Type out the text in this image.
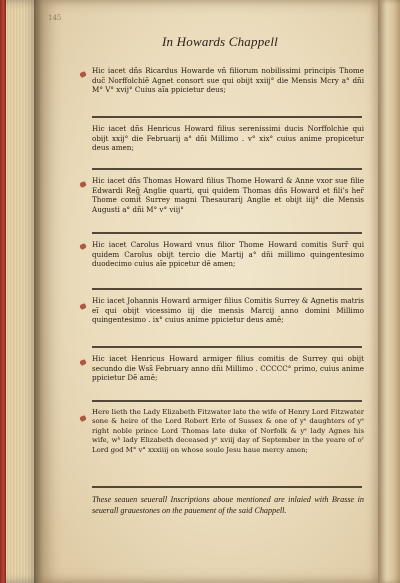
145
In Howards Chappell

Hic iacet dñs Ricardus Howarde vñ filiorum nobilissimi principis Thome duc̃ Norffolchiẽ Agnet consort sue qui obijt xxiij° die Mensis Mcry a° dñi M° V° xvij° Cuius aĩa ppicietur deus;

Hic iacet dñs Henricus Howard filius serenissimi ducis Norffolchie qui obijt xxij° die Februarij a° dñi Millimo . v° xix° cuius anime propicetur deus amen;

Hic iacet dñs Thomas Howard filius Thome Howard & Anne vxor sue filie Edwardi Reg̃ Anglie quarti, qui quidem Thomas dñs Howard et fili’s her̃ Thome comit̃ Surrey magni Thesaurarij Anglie et obijt iiij° die Mensis Augusti a° dñi M° v° viij°

Hic iacet Carolus Howard vnus filior Thome Howard comitis Surr̃ qui quidem Carolus obijt tercio die Martij a° dñi millimo quingentesimo duodecimo cuius aĩe ppicetur dẽ amen;

Hic iacet Johannis Howard armiger filius Comitis Surrey & Agnetis matris eĩ qui obijt vicessimo iij die mensis Marcij anno domini Millimo quingentesimo . ix° cuius anime ppicietur deus amē;

Hic iacet Henricus Howard armiger filius comitis de Surrey qui obijt secundo die Wss̃ February anno dñi Millimo . CCCCC° primo, cuius anime ppicietur Dẽ amē;

Here lieth the Lady Elizabeth Fitzwater late the wife of Henry Lord Fitzwater sone & heire of the Lord Robert Erle of Sussex & one of yᵉ daughters of yᵉ right noble prince Lord Thomas late duke of Norfolk & yᵉ lady Agnes his wife, wʰ lady Elizabeth deceased yᵉ xviij day of September in the yeare of oʳ Lord god M° v° xxxiiij on whose soule Jesu haue mercy amen;

These seauen seuerall Inscriptions aboue mentioned are inlaied with Brasse in seuerall grauestones on the pauement of the said Chappell.
